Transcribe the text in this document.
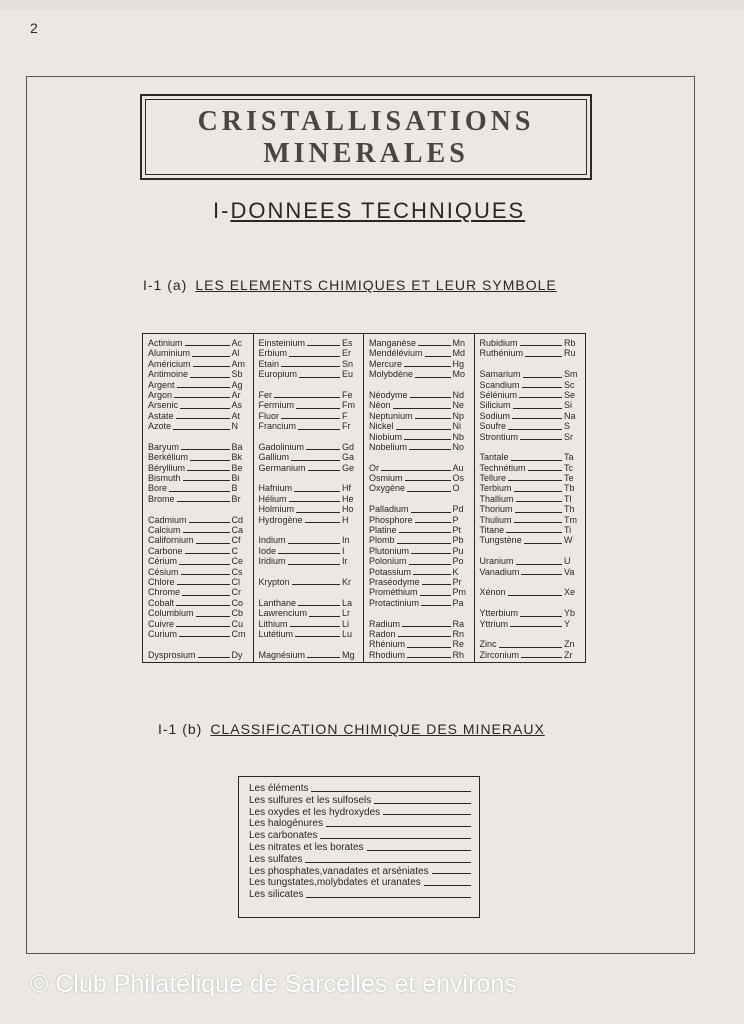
2
CRISTALLISATIONS
MINERALES
I-DONNEES TECHNIQUES
I-1 (a) LES ELEMENTS CHIMIQUES ET LEUR SYMBOLE
Actinium	Ac
Aluminium	Al
Américium	Am
Antimoine	Sb
Argent	Ag
Argon	Ar
Arsenic	As
Astate	At
Azote	N
Baryum	Ba
Berkélium	Bk
Béryllium	Be
Bismuth	Bi
Bore	B
Brome	Br
Cadmium	Cd
Calcium	Ca
Californium	Cf
Carbone	C
Cérium	Ce
Césium	Cs
Chlore	Cl
Chrome	Cr
Cobalt	Co
Columbium	Cb
Cuivre	Cu
Curium	Cm
Dysprosium	Dy
Einsteinium	Es
Erbium	Er
Etain	Sn
Europium	Eu
Fer	Fe
Fermium	Fm
Fluor	F
Francium	Fr
Gadolinium	Gd
Gallium	Ga
Germanium	Ge
Hafnium	Hf
Hélium	He
Holmium	Ho
Hydrogène	H
Indium	In
Iode	I
Iridium	Ir
Krypton	Kr
Lanthane	La
Lawrencium	Lr
Lithium	Li
Lutétium	Lu
Magnésium	Mg
Manganèse	Mn
Mendélévium	Md
Mercure	Hg
Molybdène	Mo
Néodyme	Nd
Néon	Ne
Neptunium	Np
Nickel	Ni
Niobium	Nb
Nobelium	No
Or	Au
Osmium	Os
Oxygène	O
Palladium	Pd
Phosphore	P
Platine	Pt
Plomb	Pb
Plutonium	Pu
Polonium	Po
Potassium	K
Praséodyme	Pr
Prométhium	Pm
Protactinium	Pa
Radium	Ra
Radon	Rn
Rhénium	Re
Rhodium	Rh
Rubidium	Rb
Ruthénium	Ru
Samarium	Sm
Scandium	Sc
Sélénium	Se
Silicium	Si
Sodium	Na
Soufre	S
Strontium	Sr
Tantale	Ta
Technétium	Tc
Tellure	Te
Terbium	Tb
Thallium	Tl
Thorium	Th
Thulium	Tm
Titane	Ti
Tungstène	W
Uranium	U
Vanadium	Va
Xénon	Xe
Ytterbium	Yb
Yttrium	Y
Zinc	Zn
Zirconium	Zr
I-1 (b) CLASSIFICATION CHIMIQUE DES MINERAUX
Les éléments
Les sulfures et les sulfosels
Les oxydes et les hydroxydes
Les halogénures
Les carbonates
Les nitrates et les borates
Les sulfates
Les phosphates,vanadates et arséniates
Les tungstates,molybdates et uranates
Les silicates
© Club Philatélique de Sarcelles et environs
